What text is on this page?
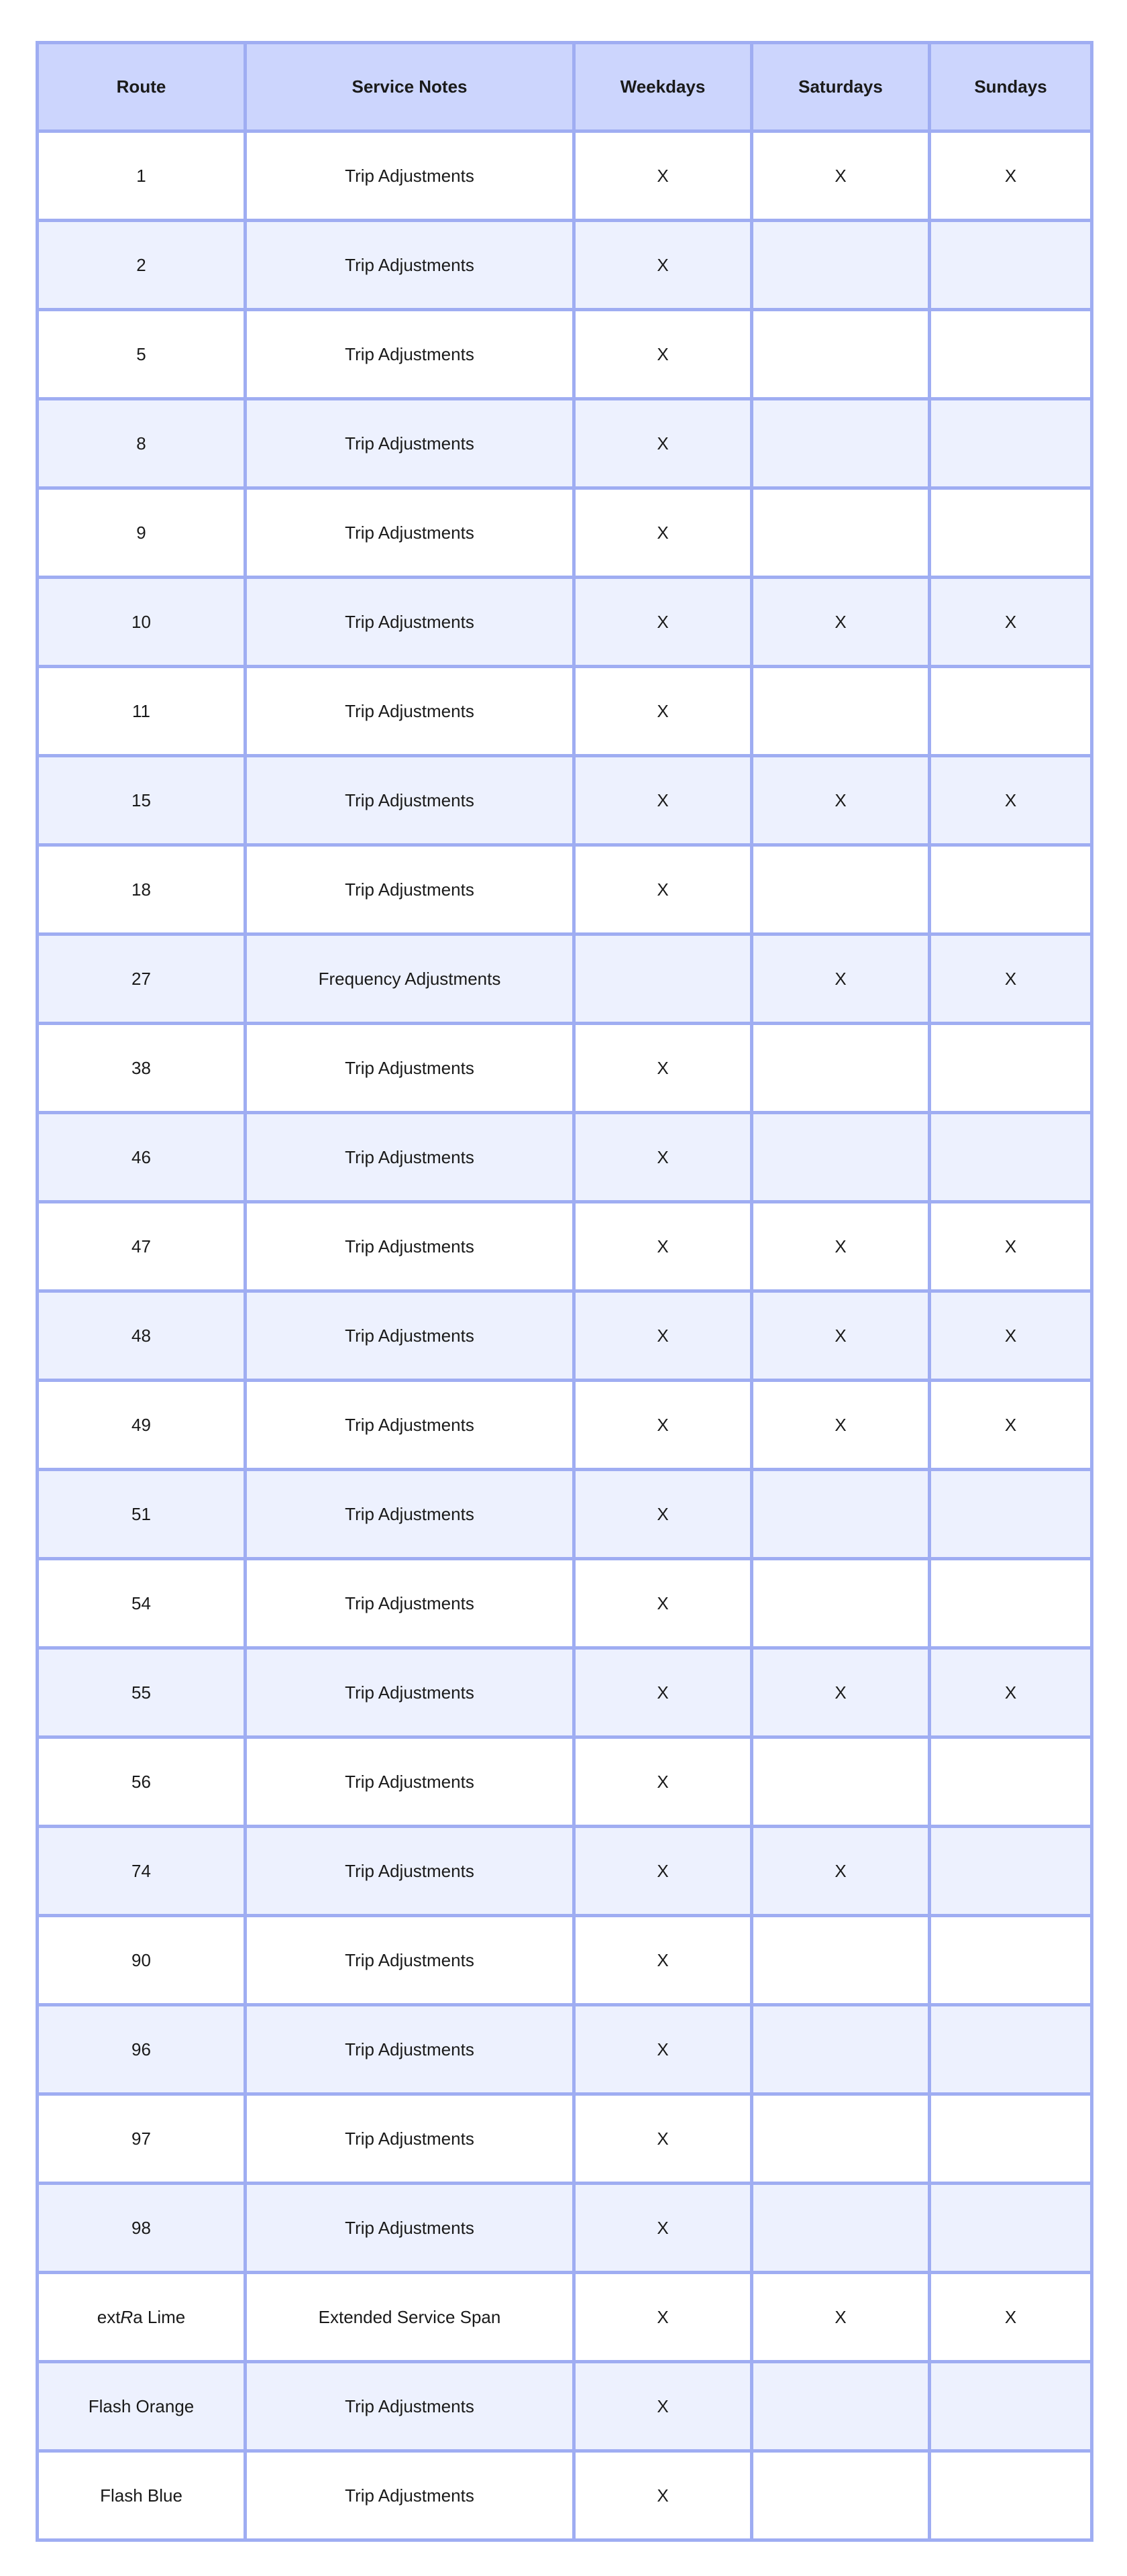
Route	Service Notes	Weekdays	Saturdays	Sundays
1	Trip Adjustments	X	X	X
2	Trip Adjustments	X		
5	Trip Adjustments	X		
8	Trip Adjustments	X		
9	Trip Adjustments	X		
10	Trip Adjustments	X	X	X
11	Trip Adjustments	X		
15	Trip Adjustments	X	X	X
18	Trip Adjustments	X		
27	Frequency Adjustments		X	X
38	Trip Adjustments	X		
46	Trip Adjustments	X		
47	Trip Adjustments	X	X	X
48	Trip Adjustments	X	X	X
49	Trip Adjustments	X	X	X
51	Trip Adjustments	X		
54	Trip Adjustments	X		
55	Trip Adjustments	X	X	X
56	Trip Adjustments	X		
74	Trip Adjustments	X	X	
90	Trip Adjustments	X		
96	Trip Adjustments	X		
97	Trip Adjustments	X		
98	Trip Adjustments	X		
extRa Lime	Extended Service Span	X	X	X
Flash Orange	Trip Adjustments	X		
Flash Blue	Trip Adjustments	X		
